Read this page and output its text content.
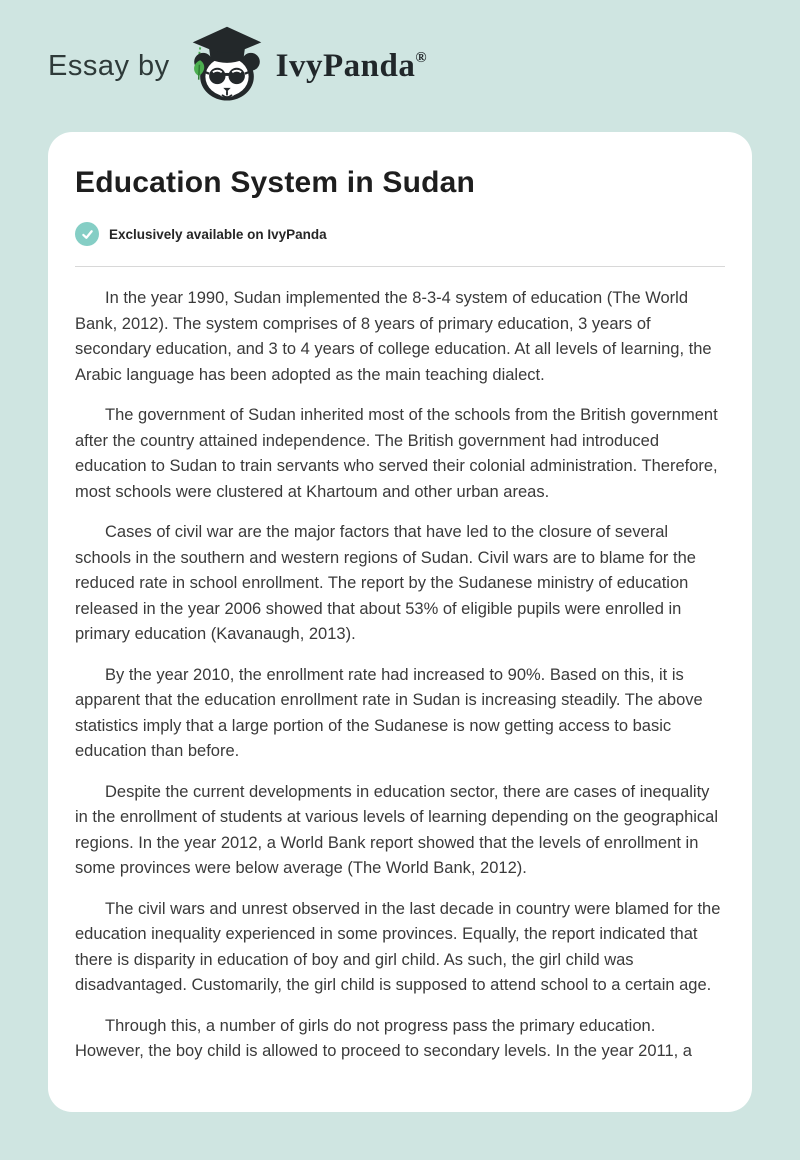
Essay by	IvyPanda®
Education System in Sudan
Exclusively available on IvyPanda

In the year 1990, Sudan implemented the 8-3-4 system of education (The World Bank, 2012). The system comprises of 8 years of primary education, 3 years of secondary education, and 3 to 4 years of college education. At all levels of learning, the Arabic language has been adopted as the main teaching dialect.

The government of Sudan inherited most of the schools from the British government after the country attained independence. The British government had introduced education to Sudan to train servants who served their colonial administration. Therefore, most schools were clustered at Khartoum and other urban areas.

Cases of civil war are the major factors that have led to the closure of several schools in the southern and western regions of Sudan. Civil wars are to blame for the reduced rate in school enrollment. The report by the Sudanese ministry of education released in the year 2006 showed that about 53% of eligible pupils were enrolled in primary education (Kavanaugh, 2013).

By the year 2010, the enrollment rate had increased to 90%. Based on this, it is apparent that the education enrollment rate in Sudan is increasing steadily. The above statistics imply that a large portion of the Sudanese is now getting access to basic education than before.

Despite the current developments in education sector, there are cases of inequality in the enrollment of students at various levels of learning depending on the geographical regions. In the year 2012, a World Bank report showed that the levels of enrollment in some provinces were below average (The World Bank, 2012).

The civil wars and unrest observed in the last decade in country were blamed for the education inequality experienced in some provinces. Equally, the report indicated that there is disparity in education of boy and girl child. As such, the girl child was disadvantaged. Customarily, the girl child is supposed to attend school to a certain age.

Through this, a number of girls do not progress pass the primary education. However, the boy child is allowed to proceed to secondary levels. In the year 2011, a
